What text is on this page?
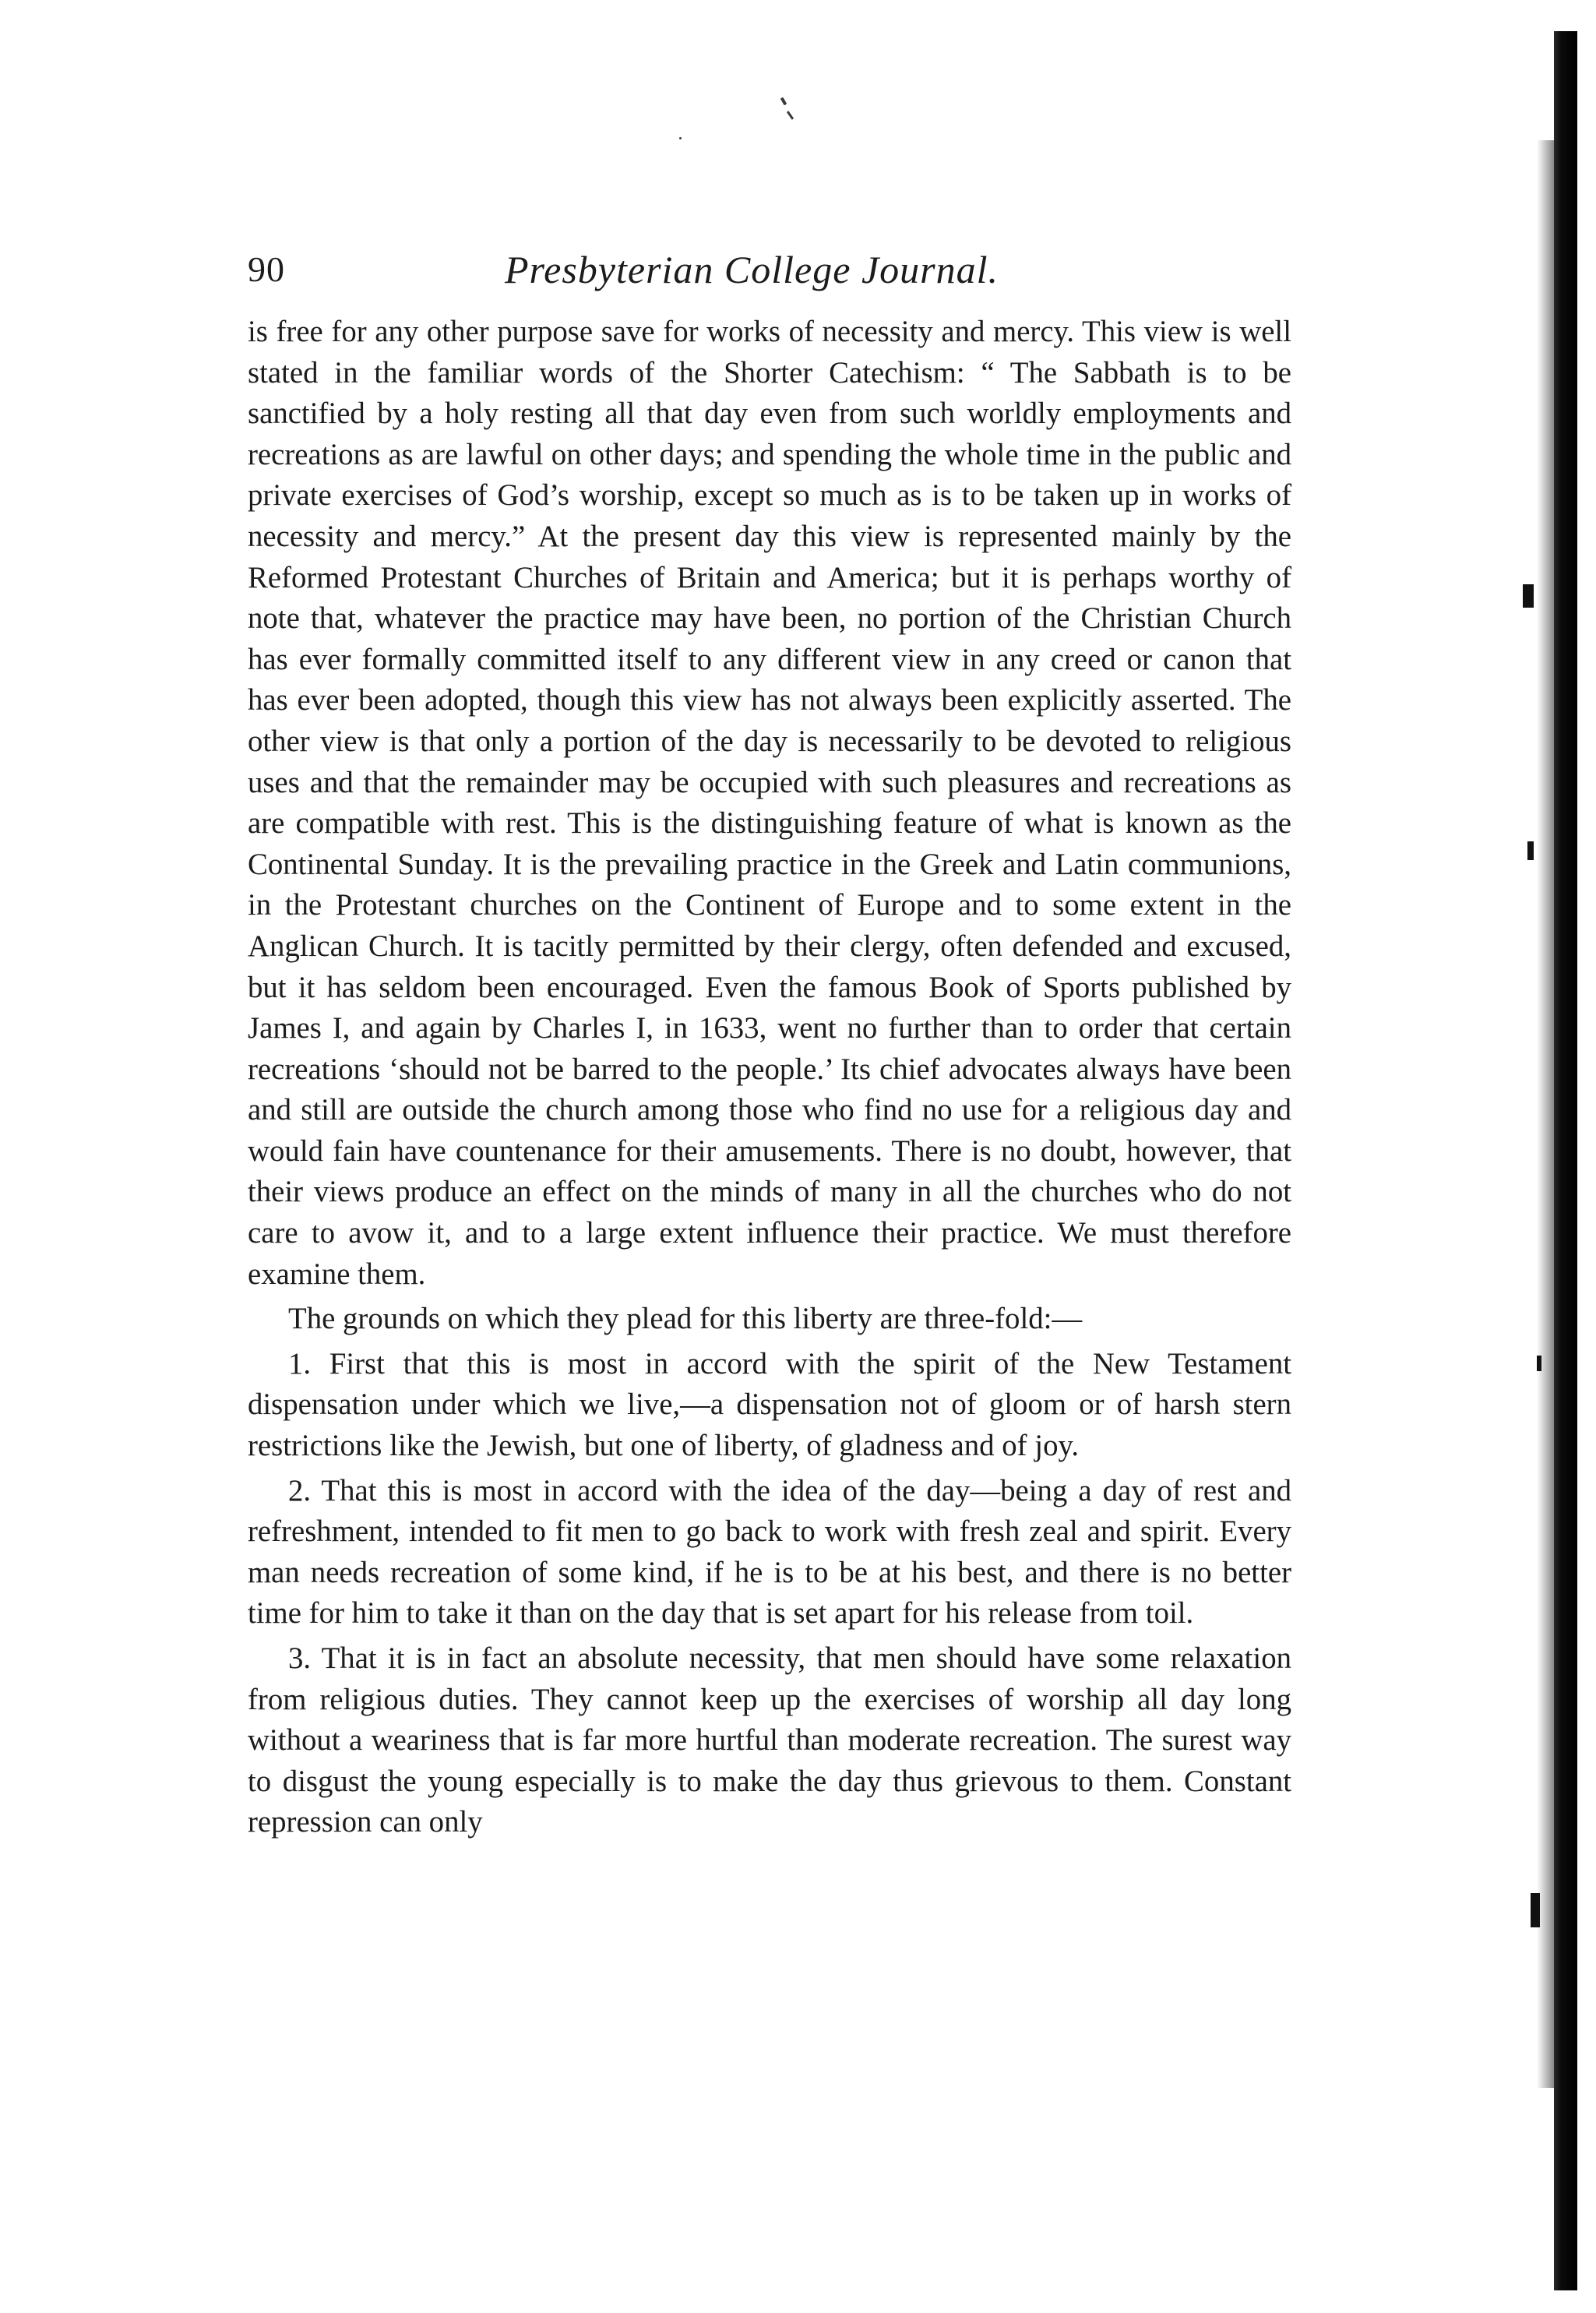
90	Presbyterian College Journal.

is free for any other purpose save for works of necessity and mercy. This view is well stated in the familiar words of the Shorter Catechism: “ The Sabbath is to be sanctified by a holy resting all that day even from such worldly employments and recreations as are lawful on other days; and spending the whole time in the public and private exercises of God’s worship, except so much as is to be taken up in works of necessity and mercy.” At the present day this view is represented mainly by the Reformed Protestant Churches of Britain and America; but it is perhaps worthy of note that, whatever the practice may have been, no portion of the Christian Church has ever formally committed itself to any different view in any creed or canon that has ever been adopted, though this view has not always been explicitly asserted. The other view is that only a portion of the day is necessarily to be devoted to religious uses and that the remainder may be occupied with such pleasures and recreations as are compatible with rest. This is the distinguishing feature of what is known as the Continental Sunday. It is the prevailing practice in the Greek and Latin communions, in the Protestant churches on the Continent of Europe and to some extent in the Anglican Church. It is tacitly permitted by their clergy, often defended and excused, but it has seldom been encouraged. Even the famous Book of Sports published by James I, and again by Charles I, in 1633, went no further than to order that certain recreations ‘should not be barred to the people.’ Its chief advocates always have been and still are outside the church among those who find no use for a religious day and would fain have countenance for their amusements. There is no doubt, however, that their views produce an effect on the minds of many in all the churches who do not care to avow it, and to a large extent influence their practice. We must therefore examine them.

The grounds on which they plead for this liberty are three-fold:—

1. First that this is most in accord with the spirit of the New Testament dispensation under which we live,—a dispensation not of gloom or of harsh stern restrictions like the Jewish, but one of liberty, of gladness and of joy.

2. That this is most in accord with the idea of the day—being a day of rest and refreshment, intended to fit men to go back to work with fresh zeal and spirit. Every man needs recreation of some kind, if he is to be at his best, and there is no better time for him to take it than on the day that is set apart for his release from toil.

3. That it is in fact an absolute necessity, that men should have some relaxation from religious duties. They cannot keep up the exercises of worship all day long without a weariness that is far more hurtful than moderate recreation. The surest way to disgust the young especially is to make the day thus grievous to them. Constant repression can only
